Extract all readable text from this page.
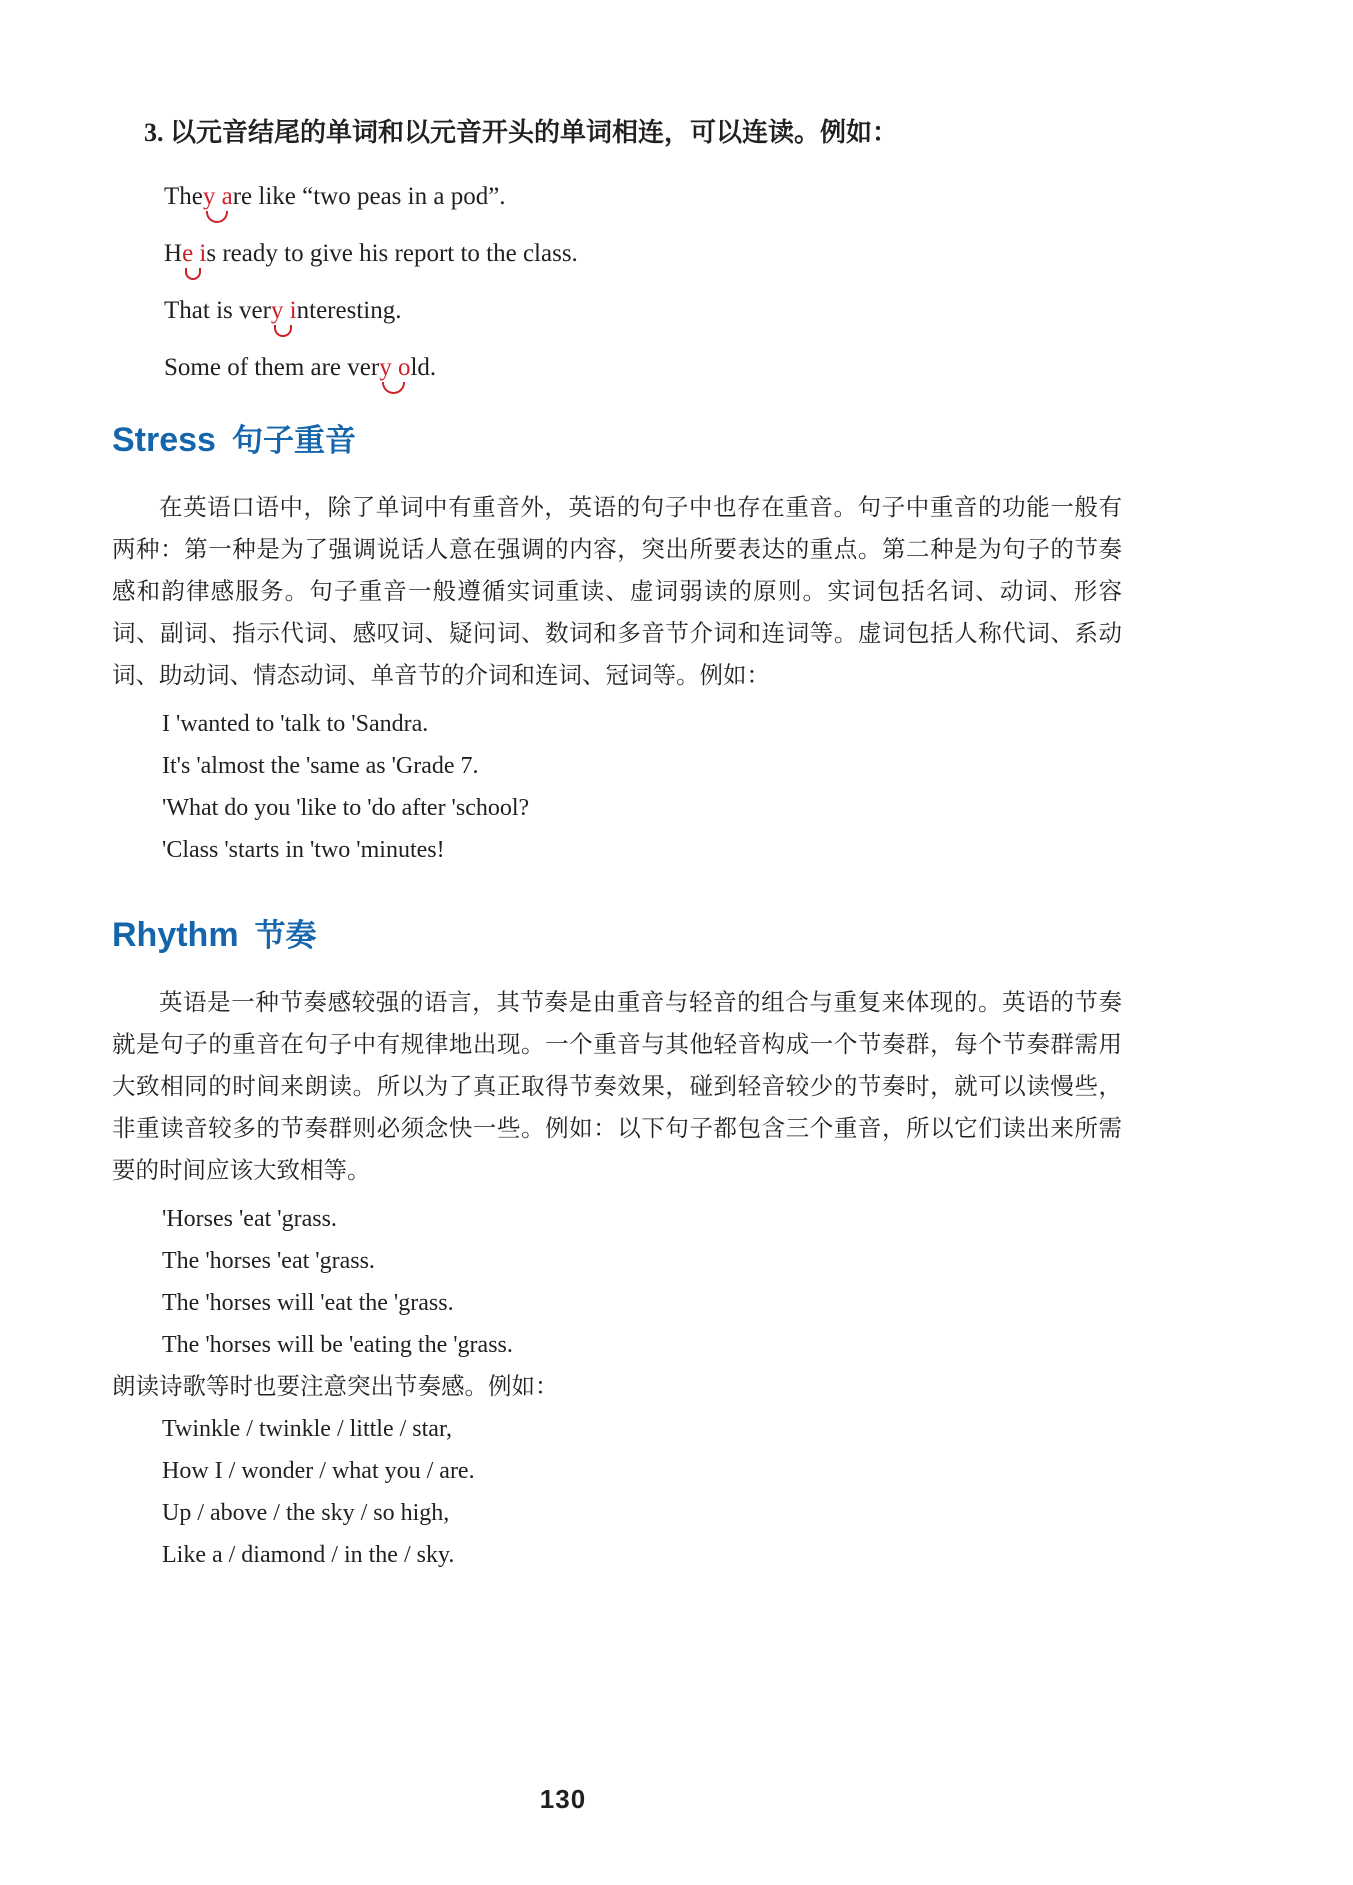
3. 以元音结尾的单词和以元音开头的单词相连，可以连读。例如：
They a
re like “two peas in a pod”.
He i
s ready to give his report to the class.
That is very i
nteresting.
Some of them are very o
ld.
Stress 句子重音

在英语口语中，除了单词中有重音外，英语的句子中也存在重音。句子中重音的功能一般有两种：第一种是为了强调说话人意在强调的内容，突出所要表达的重点。第二种是为句子的节奏感和韵律感服务。句子重音一般遵循实词重读、虚词弱读的原则。实词包括名词、动词、形容词、副词、指示代词、感叹词、疑问词、数词和多音节介词和连词等。虚词包括人称代词、系动词、助动词、情态动词、单音节的介词和连词、冠词等。例如：

I 'wanted to 'talk to 'Sandra.
It's 'almost the 'same as 'Grade 7.
'What do you 'like to 'do after 'school?
'Class 'starts in 'two 'minutes!
Rhythm 节奏

英语是一种节奏感较强的语言，其节奏是由重音与轻音的组合与重复来体现的。英语的节奏就是句子的重音在句子中有规律地出现。一个重音与其他轻音构成一个节奏群，每个节奏群需用大致相同的时间来朗读。所以为了真正取得节奏效果，碰到轻音较少的节奏时，就可以读慢些，非重读音较多的节奏群则必须念快一些。例如：以下句子都包含三个重音，所以它们读出来所需要的时间应该大致相等。

'Horses 'eat 'grass.
The 'horses 'eat 'grass.
The 'horses will 'eat the 'grass.
The 'horses will be 'eating the 'grass.

朗读诗歌等时也要注意突出节奏感。例如：

Twinkle / twinkle / little / star,
How I / wonder / what you / are.
Up / above / the sky / so high,
Like a / diamond / in the / sky.
130
